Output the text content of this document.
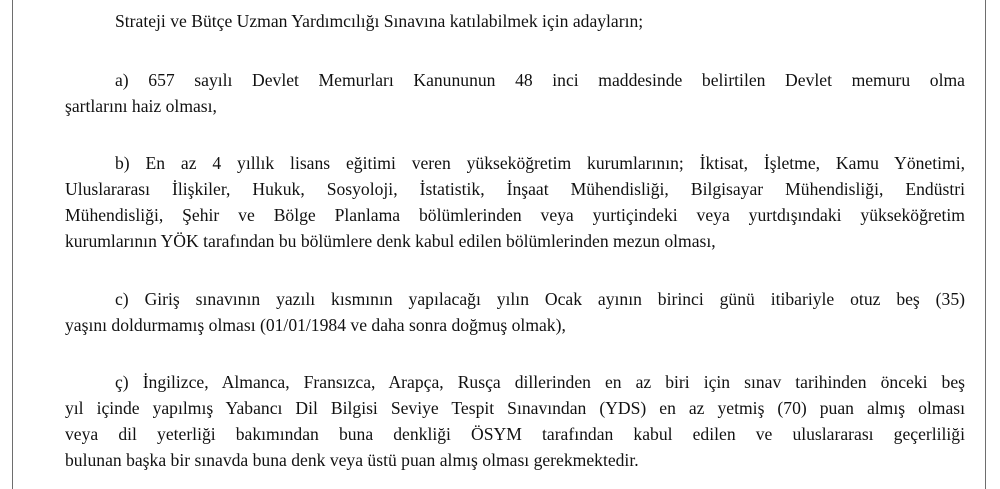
Strateji ve Bütçe Uzman Yardımcılığı Sınavına katılabilmek için adayların;
a) 657 sayılı Devlet Memurları Kanununun 48 inci maddesinde belirtilen Devlet memuru olma
şartlarını haiz olması,
b) En az 4 yıllık lisans eğitimi veren yükseköğretim kurumlarının; İktisat, İşletme, Kamu Yönetimi,
Uluslararası İlişkiler, Hukuk, Sosyoloji, İstatistik, İnşaat Mühendisliği, Bilgisayar Mühendisliği, Endüstri
Mühendisliği, Şehir ve Bölge Planlama bölümlerinden veya yurtiçindeki veya yurtdışındaki yükseköğretim
kurumlarının YÖK tarafından bu bölümlere denk kabul edilen bölümlerinden mezun olması,
c) Giriş sınavının yazılı kısmının yapılacağı yılın Ocak ayının birinci günü itibariyle otuz beş (35)
yaşını doldurmamış olması (01/01/1984 ve daha sonra doğmuş olmak),
ç) İngilizce, Almanca, Fransızca, Arapça, Rusça dillerinden en az biri için sınav tarihinden önceki beş
yıl içinde yapılmış Yabancı Dil Bilgisi Seviye Tespit Sınavından (YDS) en az yetmiş (70) puan almış olması
veya dil yeterliği bakımından buna denkliği ÖSYM tarafından kabul edilen ve uluslararası geçerliliği
bulunan başka bir sınavda buna denk veya üstü puan almış olması gerekmektedir.
